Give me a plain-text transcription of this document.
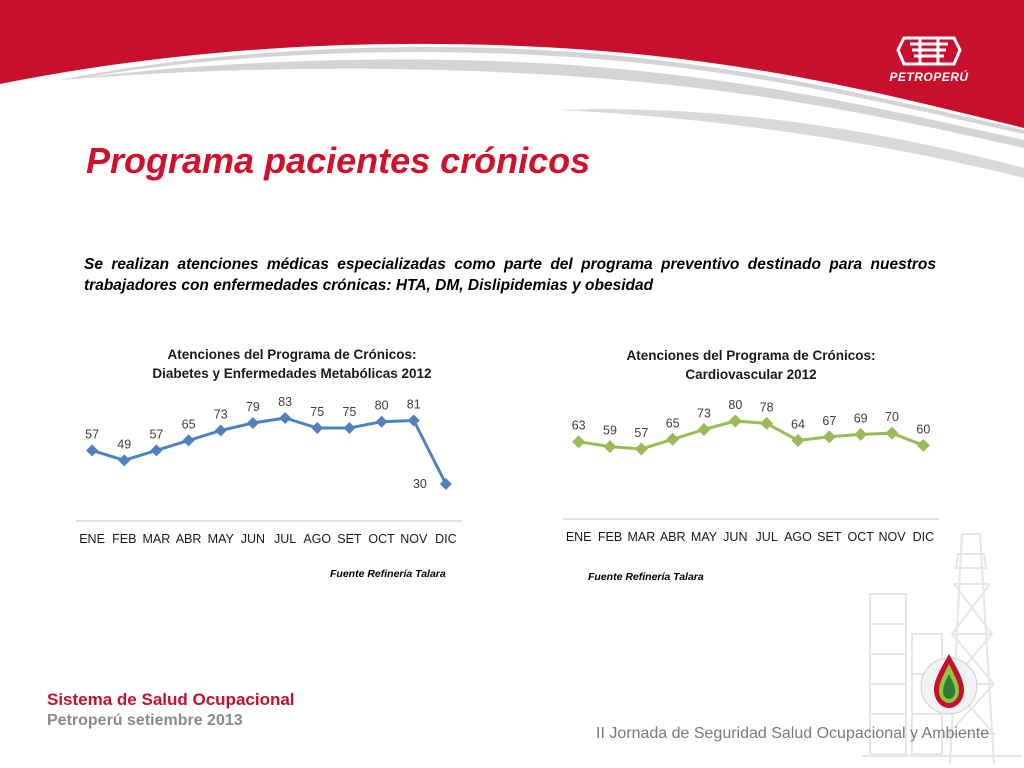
PETROPERÚ
Programa pacientes crónicos

Se realizan atenciones médicas especializadas como parte del programa preventivo destinado para nuestros trabajadores con enfermedades crónicas: HTA, DM, Dislipidemias y obesidad

Atenciones del Programa de Crónicos:
Diabetes y Enfermedades Metabólicas 2012
57
ENE
49
FEB
57
MAR
65
ABR
73
MAY
79
JUN
83
JUL
75
AGO
75
SET
80
OCT
81
NOV
30
DIC
Fuente Refinería Talara
Atenciones del Programa de Crónicos:
Cardiovascular 2012
63
ENE
59
FEB
57
MAR
65
ABR
73
MAY
80
JUN
78
JUL
64
AGO
67
SET
69
OCT
70
NOV
60
DIC
Fuente Refinería Talara
Sistema de Salud Ocupacional
Petroperú setiembre 2013
II Jornada de Seguridad Salud Ocupacional y Ambiente
